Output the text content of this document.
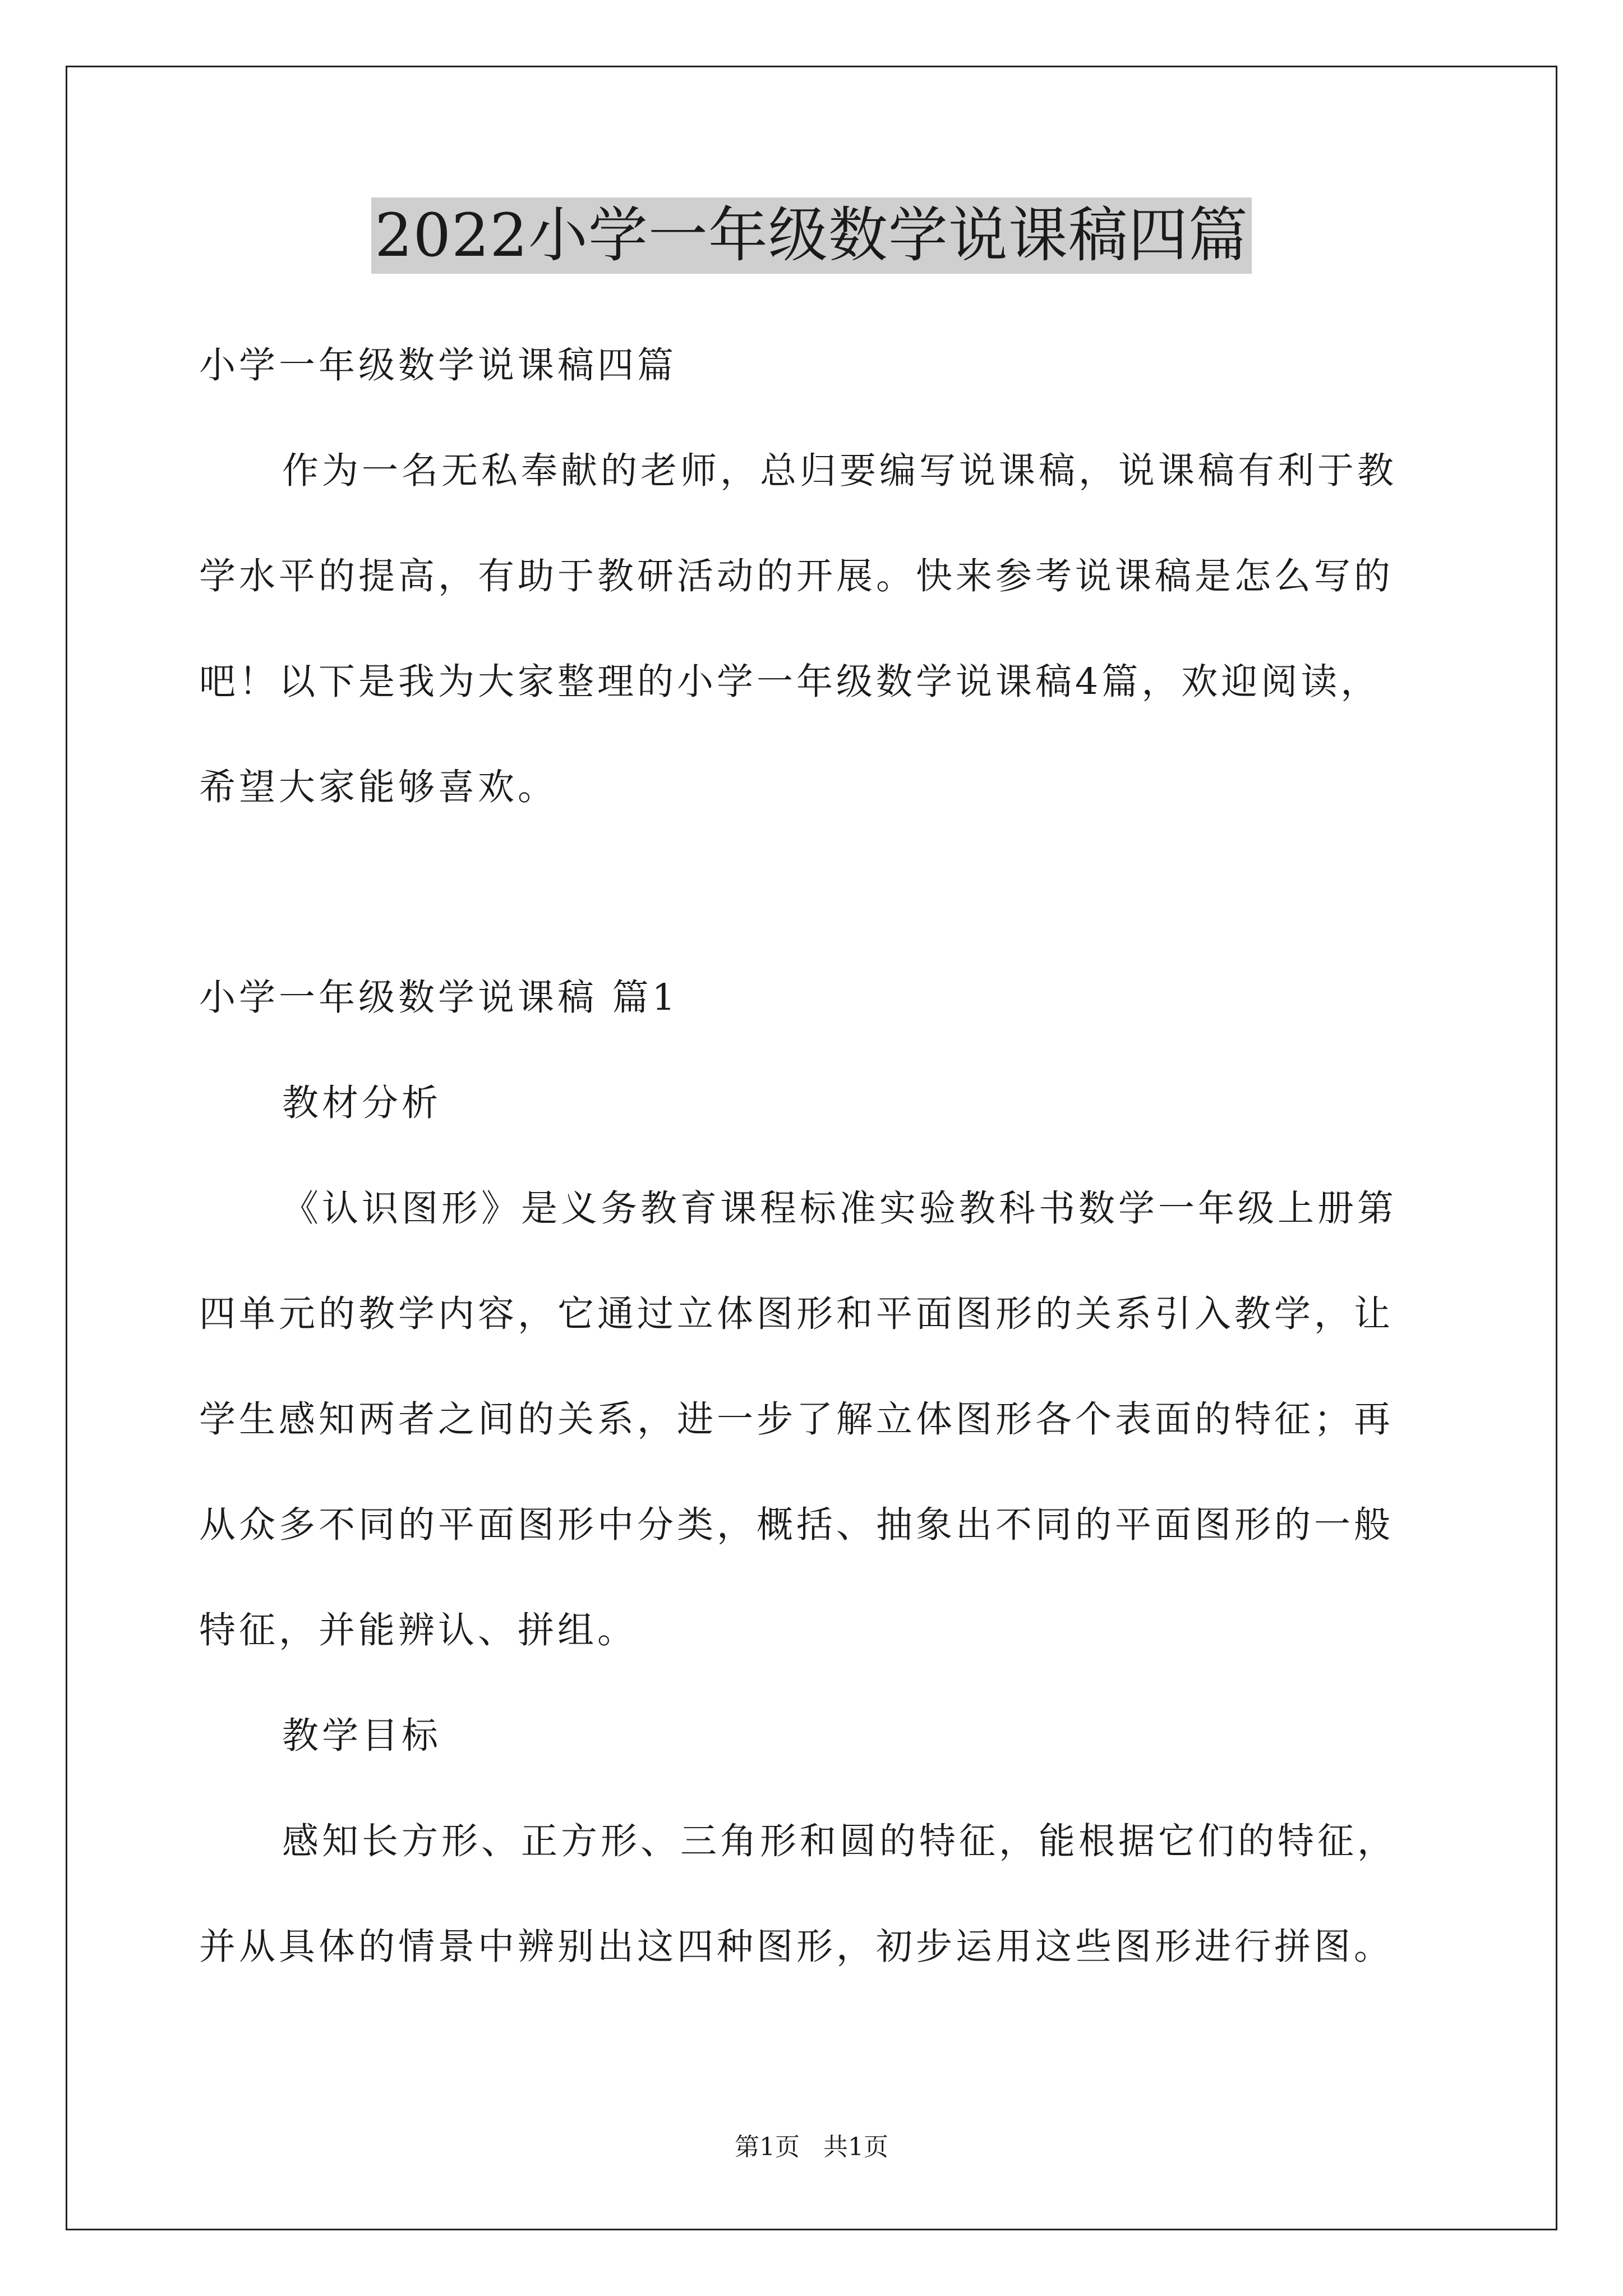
2022小学一年级数学说课稿四篇

小学一年级数学说课稿四篇

作为一名无私奉献的老师，总归要编写说课稿，说课稿有利于教

学水平的提高，有助于教研活动的开展。快来参考说课稿是怎么写的

吧！以下是我为大家整理的小学一年级数学说课稿4篇，欢迎阅读，

希望大家能够喜欢。

小学一年级数学说课稿 篇1

教材分析

《认识图形》是义务教育课程标准实验教科书数学一年级上册第

四单元的教学内容，它通过立体图形和平面图形的关系引入教学，让

学生感知两者之间的关系，进一步了解立体图形各个表面的特征；再

从众多不同的平面图形中分类，概括、抽象出不同的平面图形的一般

特征，并能辨认、拼组。

教学目标

感知长方形、正方形、三角形和圆的特征，能根据它们的特征，

并从具体的情景中辨别出这四种图形，初步运用这些图形进行拼图。

第1页   共1页
